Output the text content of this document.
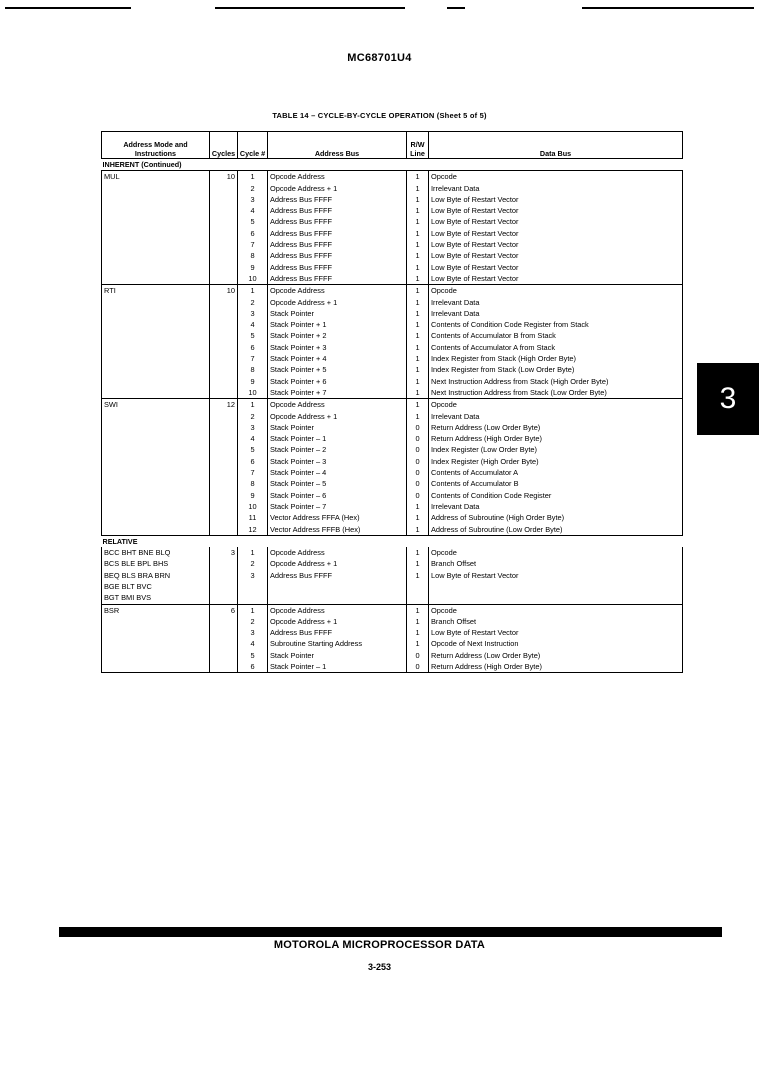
MC68701U4
TABLE 14 – CYCLE-BY-CYCLE OPERATION (Sheet 5 of 5)
3
Address Mode and Instructions	Cycles	Cycle #	Address Bus	R/W Line	Data Bus
INHERENT (Continued)					
MUL	10	1	Opcode Address	1	Opcode
		2	Opcode Address + 1	1	Irrelevant Data
		3	Address Bus FFFF	1	Low Byte of Restart Vector
		4	Address Bus FFFF	1	Low Byte of Restart Vector
		5	Address Bus FFFF	1	Low Byte of Restart Vector
		6	Address Bus FFFF	1	Low Byte of Restart Vector
		7	Address Bus FFFF	1	Low Byte of Restart Vector
		8	Address Bus FFFF	1	Low Byte of Restart Vector
		9	Address Bus FFFF	1	Low Byte of Restart Vector
		10	Address Bus FFFF	1	Low Byte of Restart Vector
RTI	10	1	Opcode Address	1	Opcode
		2	Opcode Address + 1	1	Irrelevant Data
		3	Stack Pointer	1	Irrelevant Data
		4	Stack Pointer + 1	1	Contents of Condition Code Register from Stack
		5	Stack Pointer + 2	1	Contents of Accumulator B from Stack
		6	Stack Pointer + 3	1	Contents of Accumulator A from Stack
		7	Stack Pointer + 4	1	Index Register from Stack (High Order Byte)
		8	Stack Pointer + 5	1	Index Register from Stack (Low Order Byte)
		9	Stack Pointer + 6	1	Next Instruction Address from Stack (High Order Byte)
		10	Stack Pointer + 7	1	Next Instruction Address from Stack (Low Order Byte)
SWI	12	1	Opcode Address	1	Opcode
		2	Opcode Address + 1	1	Irrelevant Data
		3	Stack Pointer	0	Return Address (Low Order Byte)
		4	Stack Pointer – 1	0	Return Address (High Order Byte)
		5	Stack Pointer – 2	0	Index Register (Low Order Byte)
		6	Stack Pointer – 3	0	Index Register (High Order Byte)
		7	Stack Pointer – 4	0	Contents of Accumulator A
		8	Stack Pointer – 5	0	Contents of Accumulator B
		9	Stack Pointer – 6	0	Contents of Condition Code Register
		10	Stack Pointer – 7	1	Irrelevant Data
		11	Vector Address FFFA (Hex)	1	Address of Subroutine (High Order Byte)
		12	Vector Address FFFB (Hex)	1	Address of Subroutine (Low Order Byte)
RELATIVE					
BCC BHT BNE BLQ	3	1	Opcode Address	1	Opcode
BCS BLE BPL BHS		2	Opcode Address + 1	1	Branch Offset
BEQ BLS BRA BRN		3	Address Bus FFFF	1	Low Byte of Restart Vector
BGE BLT BVC					
BGT BMI BVS					
BSR	6	1	Opcode Address	1	Opcode
		2	Opcode Address + 1	1	Branch Offset
		3	Address Bus FFFF	1	Low Byte of Restart Vector
		4	Subroutine Starting Address	1	Opcode of Next Instruction
		5	Stack Pointer	0	Return Address (Low Order Byte)
		6	Stack Pointer – 1	0	Return Address (High Order Byte)
MOTOROLA MICROPROCESSOR DATA
3-253
